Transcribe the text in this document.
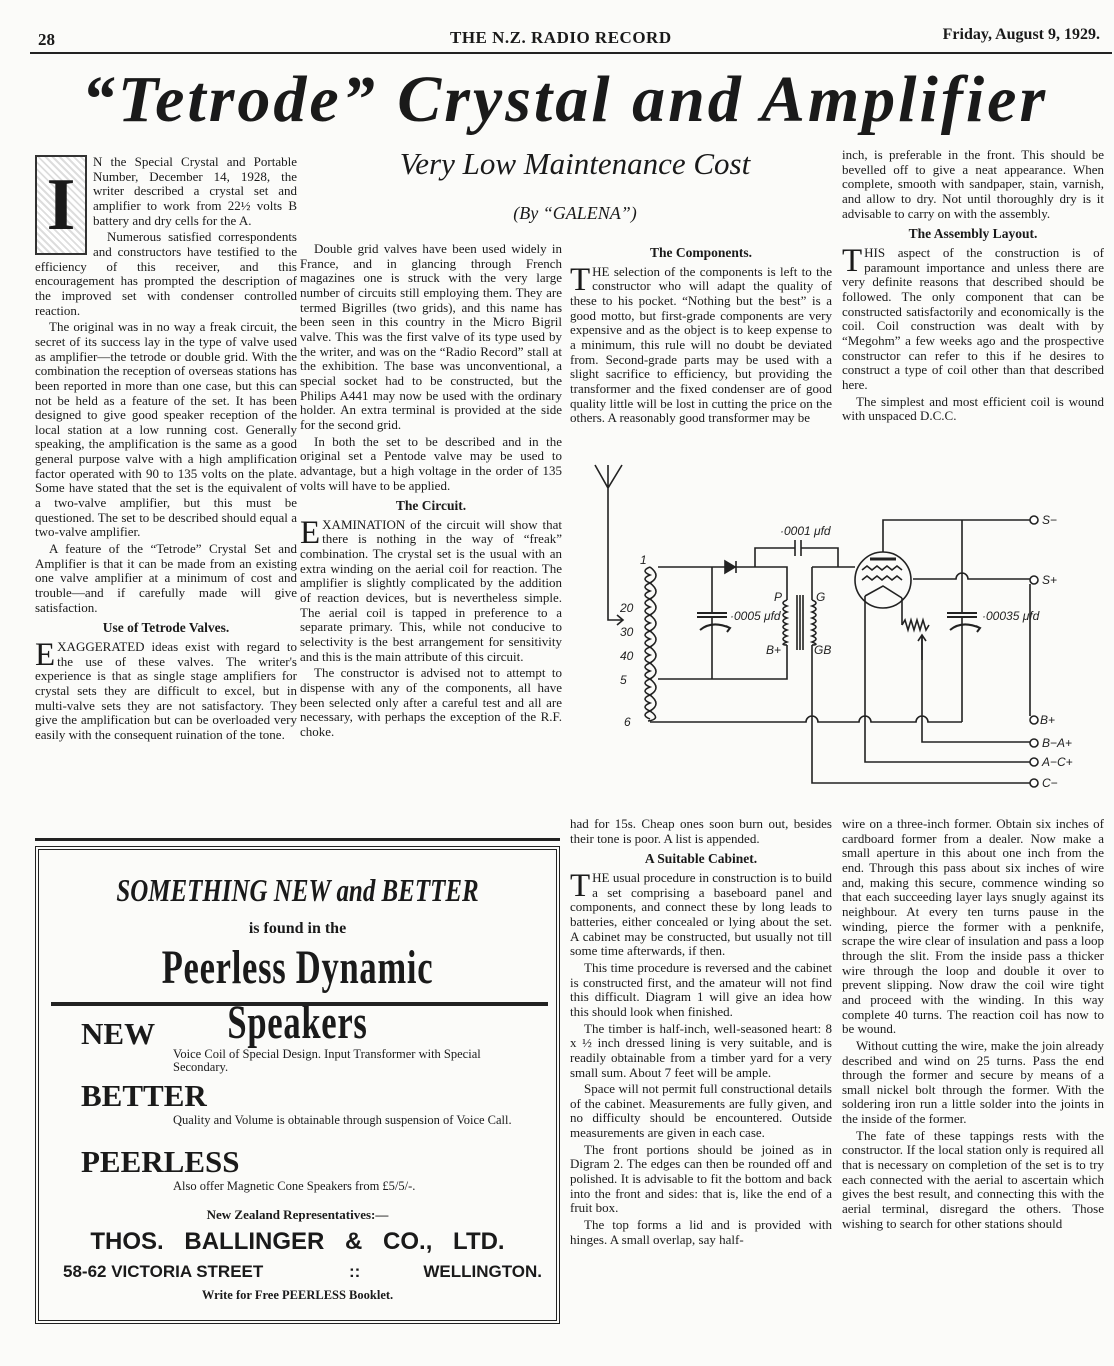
28	THE N.Z. RADIO RECORD	Friday, August 9, 1929.
“Tetrode” Crystal and Amplifier
Very Low Maintenance Cost
(By “GALENA”)
I

N the Special Crystal and Portable Number, December 14, 1928, the writer described a crystal set and amplifier to work from 22½ volts B battery and dry cells for the A.

Numerous satisfied correspondents and constructors have testified to the efficiency of this receiver, and this encouragement has prompted the description of the improved set with condenser controlled reaction.

The original was in no way a freak circuit, the secret of its success lay in the type of valve used as amplifier—the tetrode or double grid. With the combination the reception of overseas stations has been reported in more than one case, but this can not be held as a feature of the set. It has been designed to give good speaker reception of the local station at a low running cost. Generally speaking, the amplification is the same as a good general purpose valve with a high amplification factor operated with 90 to 135 volts on the plate. Some have stated that the set is the equivalent of a two-valve amplifier, but this must be questioned. The set to be described should equal a two-valve amplifier.

A feature of the “Tetrode” Crystal Set and Amplifier is that it can be made from an existing one valve amplifier at a minimum of cost and trouble—and if carefully made will give satisfaction.

Use of Tetrode Valves.

EXAGGERATED ideas exist with regard to the use of these valves. The writer's experience is that as single stage amplifiers for crystal sets they are difficult to excel, but in multi-valve sets they are not satisfactory. They give the amplification but can be overloaded very easily with the consequent ruination of the tone.

Double grid valves have been used widely in France, and in glancing through French magazines one is struck with the very large number of circuits still employing them. They are termed Bigrilles (two grids), and this name has been seen in this country in the Micro Bigril valve. This was the first valve of its type used by the writer, and was on the “Radio Record” stall at the exhibition. The base was unconventional, a special socket had to be constructed, but the Philips A441 may now be used with the ordinary holder. An extra terminal is provided at the side for the second grid.

In both the set to be described and in the original set a Pentode valve may be used to advantage, but a high voltage in the order of 135 volts will have to be applied.

The Circuit.

EXAMINATION of the circuit will show that there is nothing in the way of “freak” combination. The crystal set is the usual with an extra winding on the aerial coil for reaction. The amplifier is slightly complicated by the addition of reaction devices, but is nevertheless simple. The aerial coil is tapped in preference to a separate primary. This, while not conducive to selectivity is the best arrangement for sensitivity and this is the main attribute of this circuit.

The constructor is advised not to attempt to dispense with any of the components, all have been selected only after a careful test and all are necessary, with perhaps the exception of the R.F. choke.

The Components.

THE selection of the components is left to the constructor who will adapt the quality of these to his pocket. “Nothing but the best” is a good motto, but first-grade components are very expensive and as the object is to keep expense to a minimum, this rule will no doubt be deviated from. Second-grade parts may be used with a slight sacrifice to efficiency, but providing the transformer and the fixed condenser are of good quality little will be lost in cutting the price on the others. A reasonably good transformer may be

had for 15s. Cheap ones soon burn out, besides their tone is poor. A list is appended.

A Suitable Cabinet.

THE usual procedure in construction is to build a set comprising a baseboard panel and components, and connect these by long leads to batteries, either concealed or lying about the set. A cabinet may be constructed, but usually not till some time afterwards, if then.

This time procedure is reversed and the cabinet is constructed first, and the amateur will not find this difficult. Diagram 1 will give an idea how this should look when finished.

The timber is half-inch, well-seasoned heart: 8 x ½ inch dressed lining is very suitable, and is readily obtainable from a timber yard for a very small sum. About 7 feet will be ample.

Space will not permit full constructional details of the cabinet. Measurements are fully given, and no difficulty should be encountered. Outside measurements are given in each case.

The front portions should be joined as in Digram 2. The edges can then be rounded off and polished. It is advisable to fit the bottom and back into the front and sides: that is, like the end of a fruit box.

The top forms a lid and is provided with hinges. A small overlap, say half-

inch, is preferable in the front. This should be bevelled off to give a neat appearance. When complete, smooth with sandpaper, stain, varnish, and allow to dry. Not until thoroughly dry is it advisable to carry on with the assembly.

The Assembly Layout.

THIS aspect of the construction is of paramount importance and unless there are very definite reasons that described should be followed. The only component that can be constructed satisfactorily and economically is the coil. Coil construction was dealt with by “Megohm” a few weeks ago and the prospective constructor can refer to this if he desires to construct a type of coil other than that described here.

The simplest and most efficient coil is wound with unspaced D.C.C.

wire on a three-inch former. Obtain six inches of cardboard former from a dealer. Now make a small aperture in this about one inch from the end. Through this pass about six inches of wire and, making this secure, commence winding so that each succeeding layer lays snugly against its neighbour. At every ten turns pause in the winding, pierce the former with a penknife, scrape the wire clear of insulation and pass a loop through the slit. From the inside pass a thicker wire through the loop and double it over to prevent slipping. Now draw the coil wire tight and proceed with the winding. In this way complete 40 turns. The reaction coil has now to be wound.

Without cutting the wire, make the join already described and wind on 25 turns. Pass the end through the former and secure by means of a small nickel bolt through the former. With the soldering iron run a little solder into the joints in the inside of the former.

The fate of these tappings rests with the constructor. If the local station only is required all that is necessary on completion of the set is to try each connected with the aerial to ascertain which gives the best result, and connecting this with the aerial terminal, disregard the others. Those wishing to search for other stations should

·0001 μfd
·0005 μfd	·00035 μfd
1
20
30
40
5
6
P	G
B+	GB
S−
S+
B+
B−A+
A−C+
C−
SOMETHING NEW and BETTER
is found in the
Peerless Dynamic Speakers
NEW
Voice Coil of Special Design. Input Transformer with Special Secondary.
BETTER
Quality and Volume is obtainable through suspension of Voice Call.
PEERLESS
Also offer Magnetic Cone Speakers from £5/5/-.
New Zealand Representatives:—
THOS. BALLINGER & CO., LTD.
58-62 VICTORIA STREET	::	WELLINGTON.
Write for Free PEERLESS Booklet.
